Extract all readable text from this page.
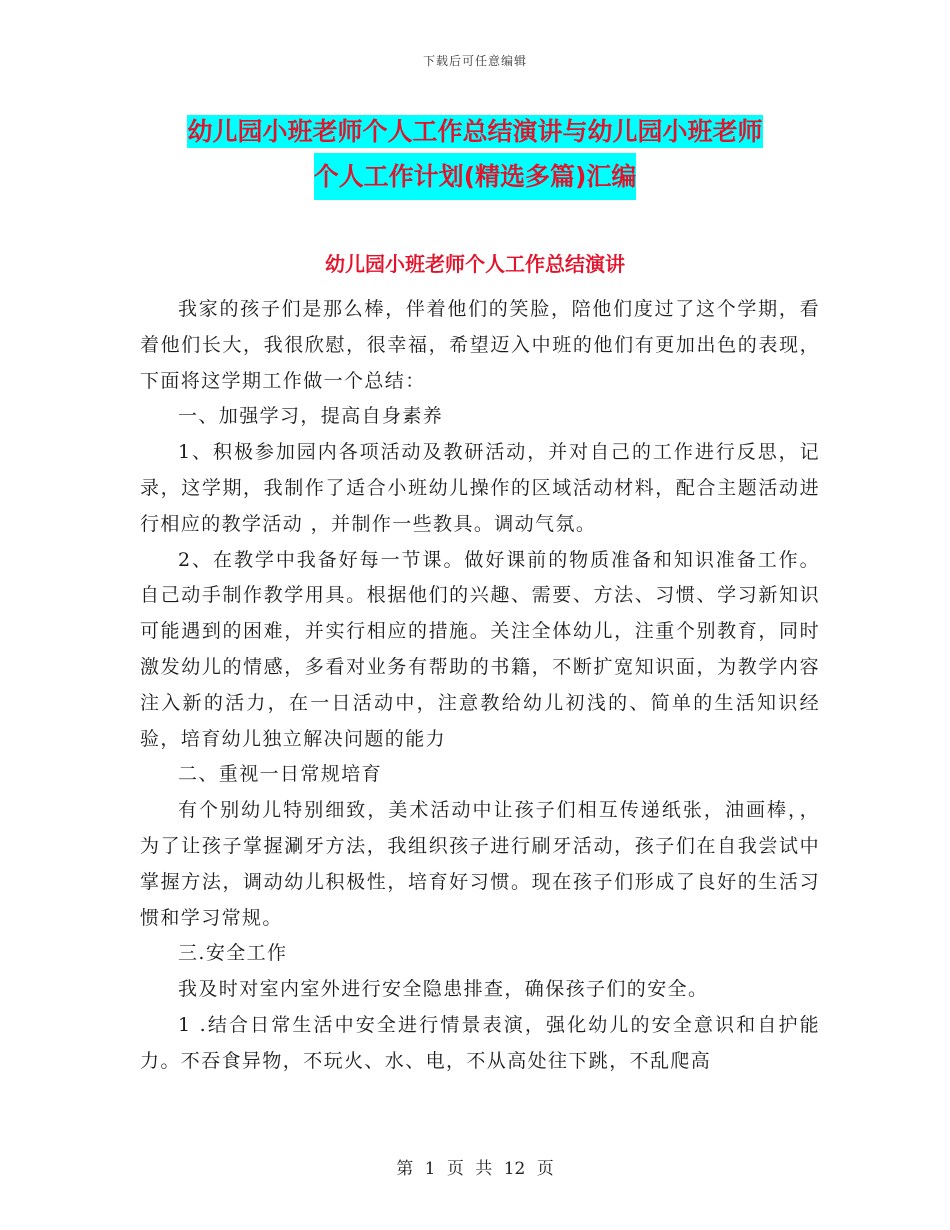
下载后可任意编辑
幼儿园小班老师个人工作总结演讲与幼儿园小班老师
个人工作计划(精选多篇)汇编
幼儿园小班老师个人工作总结演讲

我家的孩子们是那么棒，伴着他们的笑脸，陪他们度过了这个学期，看着他们长大，我很欣慰，很幸福，希望迈入中班的他们有更加出色的表现，下面将这学期工作做一个总结：

一、加强学习，提高自身素养

1、积极参加园内各项活动及教研活动，并对自己的工作进行反思，记录，这学期，我制作了适合小班幼儿操作的区域活动材料，配合主题活动进行相应的教学活动 ，并制作一些教具。调动气氛。

2、在教学中我备好每一节课。做好课前的物质准备和知识准备工作。自己动手制作教学用具。根据他们的兴趣、需要、方法、习惯、学习新知识可能遇到的困难，并实行相应的措施。关注全体幼儿，注重个别教育，同时激发幼儿的情感，多看对业务有帮助的书籍，不断扩宽知识面，为教学内容注入新的活力，在一日活动中，注意教给幼儿初浅的、简单的生活知识经验，培育幼儿独立解决问题的能力

二、重视一日常规培育

有个别幼儿特别细致，美术活动中让孩子们相互传递纸张，油画棒，，为了让孩子掌握涮牙方法，我组织孩子进行刷牙活动，孩子们在自我尝试中掌握方法，调动幼儿积极性，培育好习惯。现在孩子们形成了良好的生活习惯和学习常规。

三.安全工作

我及时对室内室外进行安全隐患排查，确保孩子们的安全。

1 .结合日常生活中安全进行情景表演，强化幼儿的安全意识和自护能力。不吞食异物，不玩火、水、电，不从高处往下跳，不乱爬高

第 1 页 共 12 页
